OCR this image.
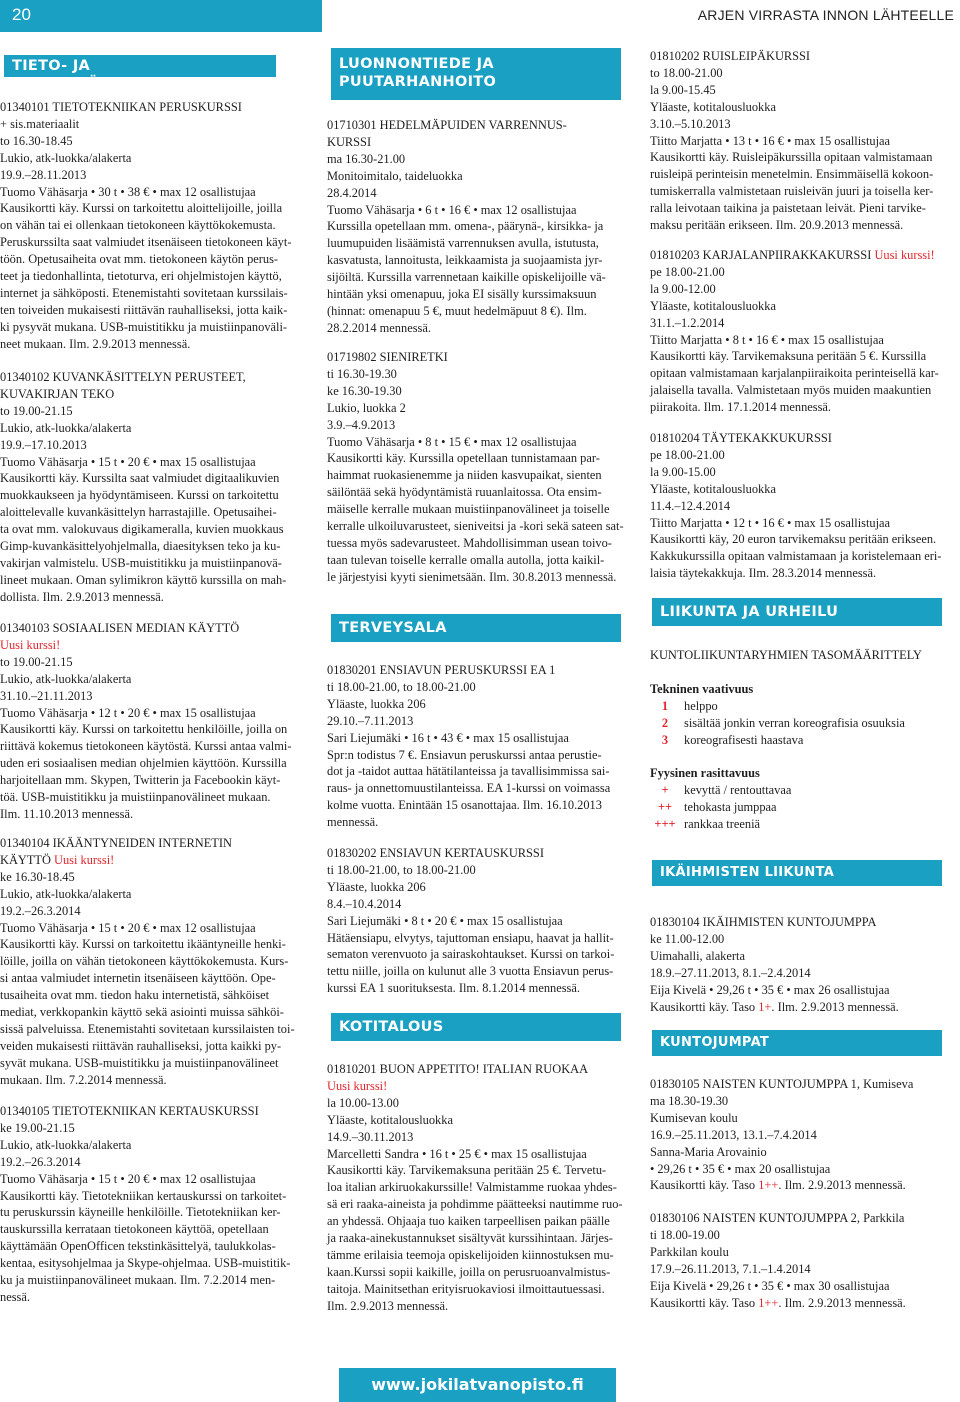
20	ARJEN VIRRASTA INNON LÄHTEELLE
TIETO- JA VIESTINTÄTEKNIIKKA

01340101 TIETOTEKNIIKAN PERUSKURSSI

+ sis.materiaalit

to 16.30-18.45

Lukio, atk-luokka/alakerta

19.9.–28.11.2013

Tuomo Vähäsarja • 30 t • 38 € • max 12 osallistujaa

Kausikortti käy. Kurssi on tarkoitettu aloittelijoille, joilla

on vähän tai ei ollenkaan tietokoneen käyttökokemusta.

Peruskurssilta saat valmiudet itsenäiseen tietokoneen käyt-

töön. Opetusaiheita ovat mm. tietokoneen käytön perus-

teet ja tiedonhallinta, tietoturva, eri ohjelmistojen käyttö,

internet ja sähköposti. Etenemistahti sovitetaan kurssilais-

ten toiveiden mukaisesti riittävän rauhalliseksi, jotta kaik-

ki pysyvät mukana. USB-muistitikku ja muistiinpanoväli-

neet mukaan. Ilm. 2.9.2013 mennessä.

01340102 KUVANKÄSITTELYN PERUSTEET,

KUVAKIRJAN TEKO

to 19.00-21.15

Lukio, atk-luokka/alakerta

19.9.–17.10.2013

Tuomo Vähäsarja • 15 t • 20 € • max 15 osallistujaa

Kausikortti käy. Kurssilta saat valmiudet digitaalikuvien

muokkaukseen ja hyödyntämiseen. Kurssi on tarkoitettu

aloittelevalle kuvankäsittelyn harrastajille. Opetusaihei-

ta ovat mm. valokuvaus digikameralla, kuvien muokkaus

Gimp-kuvankäsittelyohjelmalla, diaesityksen teko ja ku-

vakirjan valmistelu. USB-muistitikku ja muistiinpanovä-

lineet mukaan. Oman sylimikron käyttö kurssilla on mah-

dollista. Ilm. 2.9.2013 mennessä.

01340103 SOSIAALISEN MEDIAN KÄYTTÖ

Uusi kurssi!

to 19.00-21.15

Lukio, atk-luokka/alakerta

31.10.–21.11.2013

Tuomo Vähäsarja • 12 t • 20 € • max 15 osallistujaa

Kausikortti käy. Kurssi on tarkoitettu henkilöille, joilla on

riittävä kokemus tietokoneen käytöstä. Kurssi antaa valmi-

uden eri sosiaalisen median ohjelmien käyttöön. Kurssilla

harjoitellaan mm. Skypen, Twitterin ja Facebookin käyt-

töä. USB-muistitikku ja muistiinpanovälineet mukaan.

Ilm. 11.10.2013 mennessä.

01340104 IKÄÄNTYNEIDEN INTERNETIN

KÄYTTÖ Uusi kurssi!

ke 16.30-18.45

Lukio, atk-luokka/alakerta

19.2.–26.3.2014

Tuomo Vähäsarja • 15 t • 20 € • max 12 osallistujaa

Kausikortti käy. Kurssi on tarkoitettu ikääntyneille henki-

löille, joilla on vähän tietokoneen käyttökokemusta. Kurs-

si antaa valmiudet internetin itsenäiseen käyttöön. Ope-

tusaiheita ovat mm. tiedon haku internetistä, sähköiset

mediat, verkkopankin käyttö sekä asiointi muissa sähköi-

sissä palveluissa. Etenemistahti sovitetaan kurssilaisten toi-

veiden mukaisesti riittävän rauhalliseksi, jotta kaikki py-

syvät mukana. USB-muistitikku ja muistiinpanovälineet

mukaan. Ilm. 7.2.2014 mennessä.

01340105 TIETOTEKNIIKAN KERTAUSKURSSI

ke 19.00-21.15

Lukio, atk-luokka/alakerta

19.2.–26.3.2014

Tuomo Vähäsarja • 15 t • 20 € • max 12 osallistujaa

Kausikortti käy. Tietotekniikan kertauskurssi on tarkoitet-

tu peruskurssin käyneille henkilöille. Tietotekniikan ker-

tauskurssilla kerrataan tietokoneen käyttöä, opetellaan

käyttämään OpenOfficen tekstinkäsittelyä, taulukkolas-

kentaa, esitysohjelmaa ja Skype-ohjelmaa. USB-muistitik-

ku ja muistiinpanovälineet mukaan. Ilm. 7.2.2014 men-

nessä.

LUONNONTIEDE JA
PUUTARHANHOITO

01710301 HEDELMÄPUIDEN VARRENNUS-

KURSSI

ma 16.30-21.00

Monitoimitalo, taideluokka

28.4.2014

Tuomo Vähäsarja • 6 t • 16 € • max 12 osallistujaa

Kurssilla opetellaan mm. omena-, päärynä-, kirsikka- ja

luumupuiden lisäämistä varrennuksen avulla, istutusta,

kasvatusta, lannoitusta, leikkaamista ja suojaamista jyr-

sijöiltä. Kurssilla varrennetaan kaikille opiskelijoille vä-

hintään yksi omenapuu, joka EI sisälly kurssimaksuun

(hinnat: omenapuu 5 €, muut hedelmäpuut 8 €). Ilm.

28.2.2014 mennessä.

01719802 SIENIRETKI

ti 16.30-19.30

ke 16.30-19.30

Lukio, luokka 2

3.9.–4.9.2013

Tuomo Vähäsarja • 8 t • 15 € • max 12 osallistujaa

Kausikortti käy. Kurssilla opetellaan tunnistamaan par-

haimmat ruokasienemme ja niiden kasvupaikat, sienten

säilöntää sekä hyödyntämistä ruuanlaitossa. Ota ensim-

mäiselle kerralle mukaan muistiinpanovälineet ja toiselle

kerralle ulkoiluvarusteet, sieniveitsi ja -kori sekä sateen sat-

tuessa myös sadevarusteet. Mahdollisimman usean toivo-

taan tulevan toiselle kerralle omalla autolla, jotta kaikil-

le järjestyisi kyyti sienimetsään. Ilm. 30.8.2013 mennessä.

TERVEYSALA

01830201 ENSIAVUN PERUSKURSSI EA 1

ti 18.00-21.00, to 18.00-21.00

Yläaste, luokka 206

29.10.–7.11.2013

Sari Liejumäki • 16 t • 43 € • max 15 osallistujaa

Spr:n todistus 7 €. Ensiavun peruskurssi antaa perustie-

dot ja -taidot auttaa hätätilanteissa ja tavallisimmissa sai-

raus- ja onnettomuustilanteissa. EA 1-kurssi on voimassa

kolme vuotta. Enintään 15 osanottajaa. Ilm. 16.10.2013

mennessä.

01830202 ENSIAVUN KERTAUSKURSSI

ti 18.00-21.00, to 18.00-21.00

Yläaste, luokka 206

8.4.–10.4.2014

Sari Liejumäki • 8 t • 20 € • max 15 osallistujaa

Hätäensiapu, elvytys, tajuttoman ensiapu, haavat ja hallit-

sematon verenvuoto ja sairaskohtaukset. Kurssi on tarkoi-

tettu niille, joilla on kulunut alle 3 vuotta Ensiavun perus-

kurssi EA 1 suorituksesta. Ilm. 8.1.2014 mennessä.

KOTITALOUS

01810201 BUON APPETITO! ITALIAN RUOKAA

Uusi kurssi!

la 10.00-13.00

Yläaste, kotitalousluokka

14.9.–30.11.2013

Marcelletti Sandra • 16 t • 25 € • max 15 osallistujaa

Kausikortti käy. Tarvikemaksuna peritään 25 €. Tervetu-

loa italian arkiruokakurssille! Valmistamme ruokaa yhdes-

sä eri raaka-aineista ja pohdimme päätteeksi nautimme ruo-

an yhdessä. Ohjaaja tuo kaiken tarpeellisen paikan päälle

ja raaka-ainekustannukset sisältyvät kurssihintaan. Järjes-

tämme erilaisia teemoja opiskelijoiden kiinnostuksen mu-

kaan.Kurssi sopii kaikille, joilla on perusruoanvalmistus-

taitoja. Mainitsethan erityisruokaviosi ilmoittautuessasi.

Ilm. 2.9.2013 mennessä.

01810202 RUISLEIPÄKURSSI

to 18.00-21.00

la 9.00-15.45

Yläaste, kotitalousluokka

3.10.–5.10.2013

Tiitto Marjatta • 13 t • 16 € • max 15 osallistujaa

Kausikortti käy. Ruisleipäkurssilla opitaan valmistamaan

ruisleipä perinteisin menetelmin. Ensimmäisellä kokoon-

tumiskerralla valmistetaan ruisleivän juuri ja toisella ker-

ralla leivotaan taikina ja paistetaan leivät. Pieni tarvike-

maksu peritään erikseen. Ilm. 20.9.2013 mennessä.

01810203 KARJALANPIIRAKKAKURSSI Uusi kurssi!

pe 18.00-21.00

la 9.00-12.00

Yläaste, kotitalousluokka

31.1.–1.2.2014

Tiitto Marjatta • 8 t • 16 € • max 15 osallistujaa

Kausikortti käy. Tarvikemaksuna peritään 5 €. Kurssilla

opitaan valmistamaan karjalanpiiraikoita perinteisellä kar-

jalaisella tavalla. Valmistetaan myös muiden maakuntien

piirakoita. Ilm. 17.1.2014 mennessä.

01810204 TÄYTEKAKKUKURSSI

pe 18.00-21.00

la 9.00-15.00

Yläaste, kotitalousluokka

11.4.–12.4.2014

Tiitto Marjatta • 12 t • 16 € • max 15 osallistujaa

Kausikortti käy, 20 euron tarvikemaksu peritään erikseen.

Kakkukurssilla opitaan valmistamaan ja koristelemaan eri-

laisia täytekakkuja. Ilm. 28.3.2014 mennessä.

LIIKUNTA JA URHEILU

KUNTOLIIKUNTARYHMIEN TASOMÄÄRITTELY

Tekninen vaativuus

1	helppo
2	sisältää jonkin verran koreografisia osuuksia
3	koreografisesti haastava

Fyysinen rasittavuus

+	kevyttä / rentouttavaa
++ tehokasta jumppaa
+++ rankkaa treeniä
IKÄIHMISTEN LIIKUNTA

01830104 IKÄIHMISTEN KUNTOJUMPPA

ke 11.00-12.00

Uimahalli, alakerta

18.9.–27.11.2013, 8.1.–2.4.2014

Eija Kivelä • 29,26 t • 35 € • max 26 osallistujaa

Kausikortti käy. Taso 1+. Ilm. 2.9.2013 mennessä.

KUNTOJUMPAT

01830105 NAISTEN KUNTOJUMPPA 1, Kumiseva

ma 18.30-19.30

Kumisevan koulu

16.9.–25.11.2013, 13.1.–7.4.2014

Sanna-Maria Arovainio

• 29,26 t • 35 € • max 20 osallistujaa

Kausikortti käy. Taso 1++. Ilm. 2.9.2013 mennessä.

01830106 NAISTEN KUNTOJUMPPA 2, Parkkila

ti 18.00-19.00

Parkkilan koulu

17.9.–26.11.2013, 7.1.–1.4.2014

Eija Kivelä • 29,26 t • 35 € • max 30 osallistujaa

Kausikortti käy. Taso 1++. Ilm. 2.9.2013 mennessä.

www.jokilatvanopisto.fi
